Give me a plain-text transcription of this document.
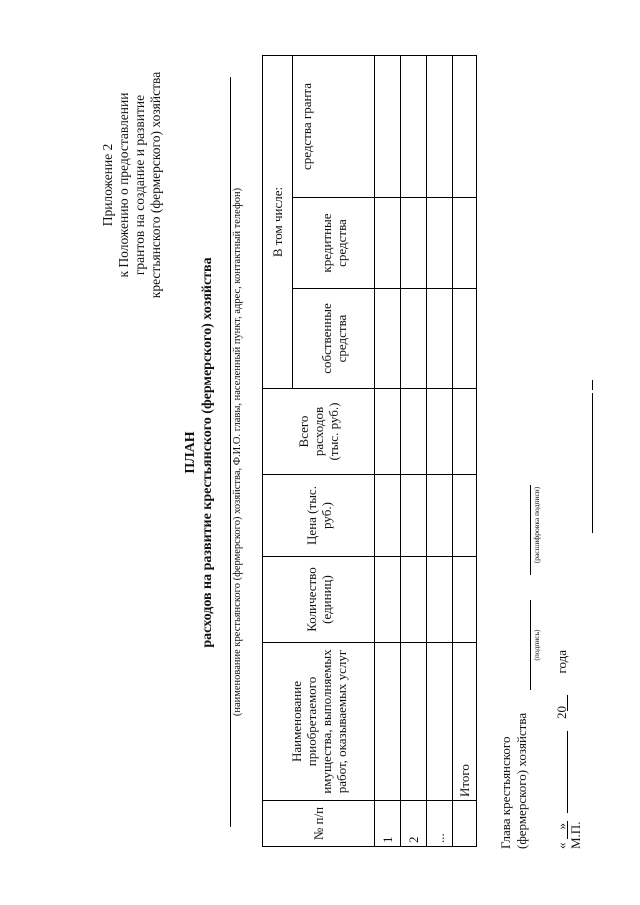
Приложение 2 к Положению о предоставлении грантов на создание и развитие крестьянского (фермерского) хозяйства
ПЛАН расходов на развитие крестьянского (фермерского) хозяйства (наименование крестьянского (фермерского) хозяйства, Ф.И.О. главы, населенный пункт, адрес, контактный телефон)
№ п/п	Наименование приобретаемого имущества, выполняемых работ, оказываемых услуг	Количество (единиц)	Цена (тыс. руб.)	Всего расходов (тыс. руб.)	В том числе:		
					собственные средства	кредитные средства	средства гранта
1							
2							
...							
	Итого						Глава крестьянского (фермерского) хозяйства
(подпись)
(расшифровка подписи)
«    »                                20          года
М.П.
